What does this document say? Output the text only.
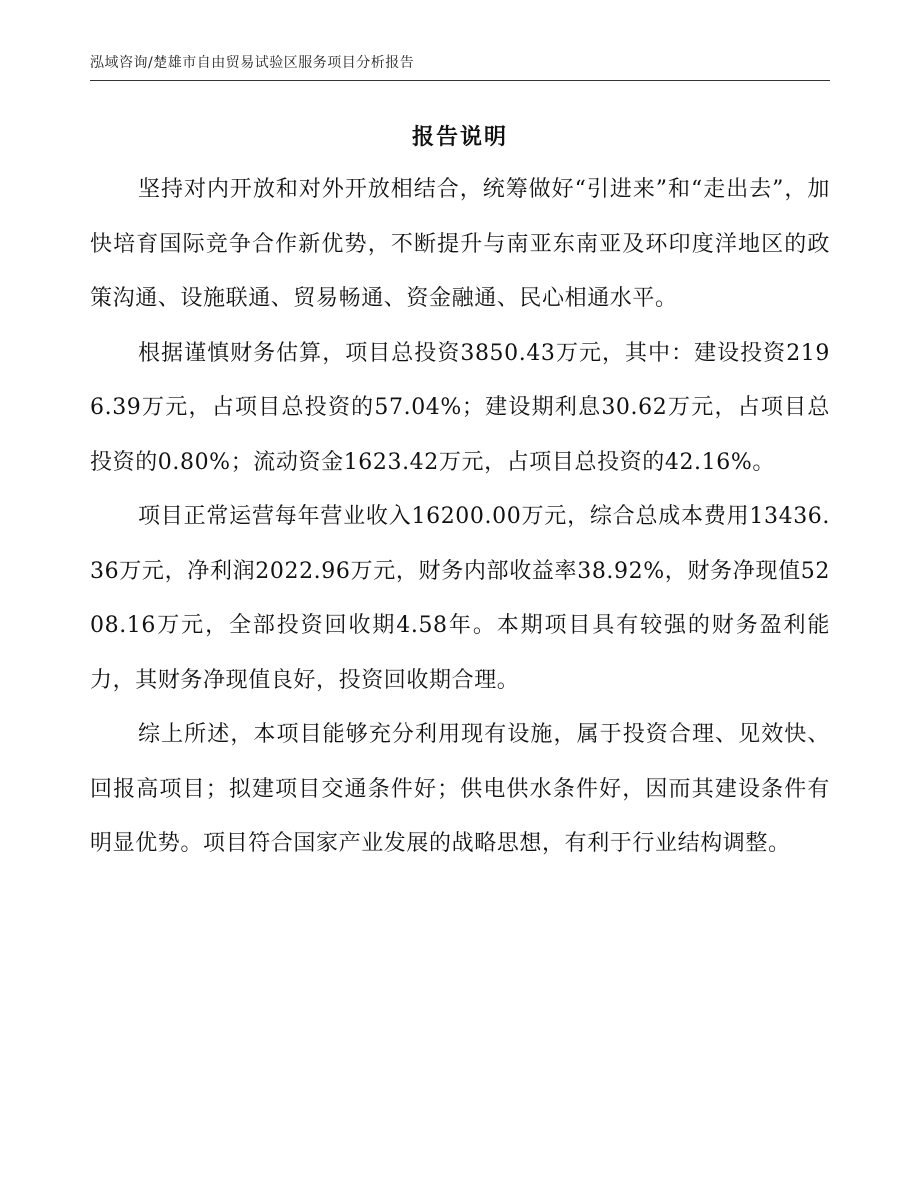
泓域咨询/楚雄市自由贸易试验区服务项目分析报告
报告说明

坚持对内开放和对外开放相结合，统筹做好“引进来”和“走出去”，加快培育国际竞争合作新优势，不断提升与南亚东南亚及环印度洋地区的政策沟通、设施联通、贸易畅通、资金融通、民心相通水平。

根据谨慎财务估算，项目总投资3850.43万元，其中：建设投资2196.39万元，占项目总投资的57.04%；建设期利息30.62万元，占项目总投资的0.80%；流动资金1623.42万元，占项目总投资的42.16%。

项目正常运营每年营业收入16200.00万元，综合总成本费用13436.36万元，净利润2022.96万元，财务内部收益率38.92%，财务净现值5208.16万元，全部投资回收期4.58年。本期项目具有较强的财务盈利能力，其财务净现值良好，投资回收期合理。

综上所述，本项目能够充分利用现有设施，属于投资合理、见效快、回报高项目；拟建项目交通条件好；供电供水条件好，因而其建设条件有明显优势。项目符合国家产业发展的战略思想，有利于行业结构调整。
